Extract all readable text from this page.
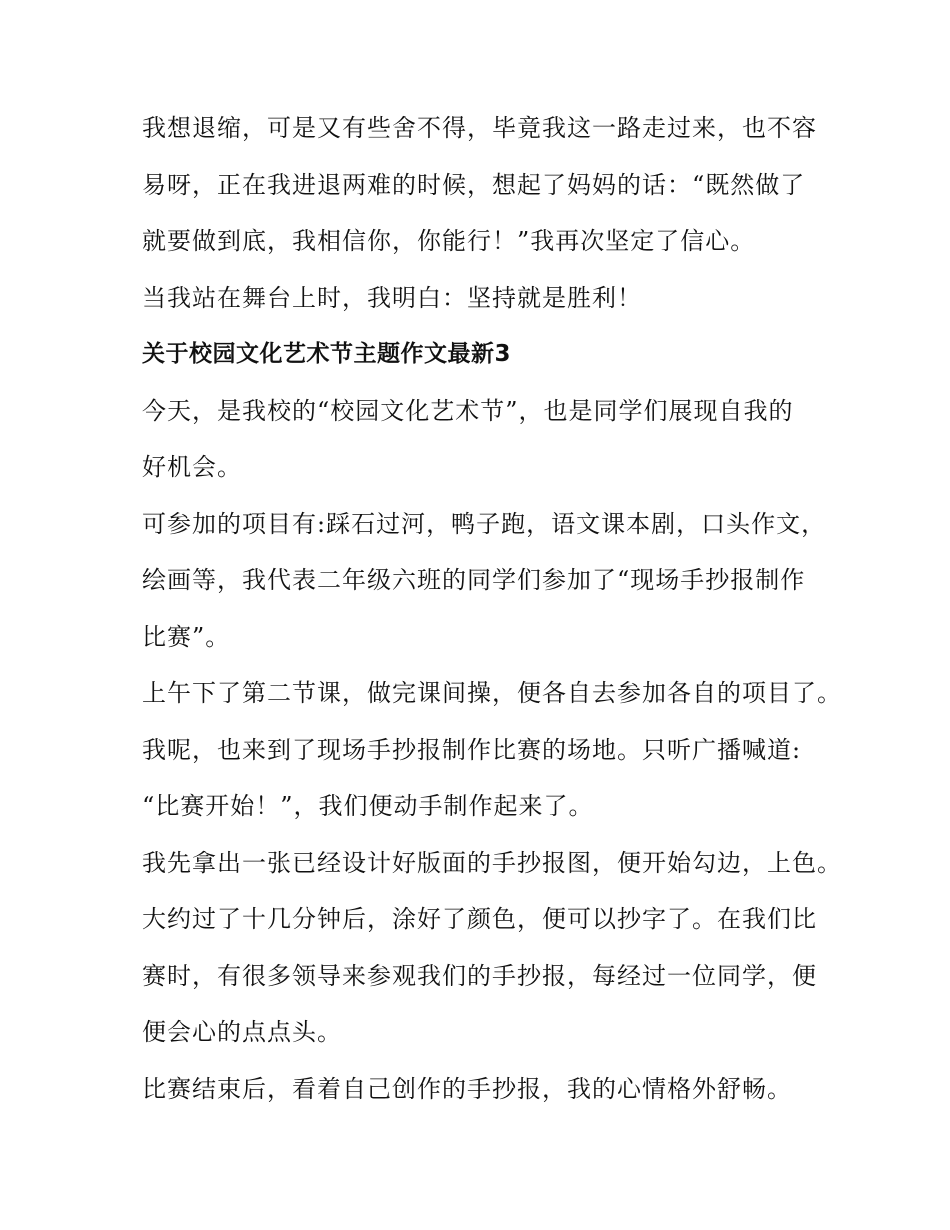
我想退缩，可是又有些舍不得，毕竟我这一路走过来，也不容
易呀，正在我进退两难的时候，想起了妈妈的话：“既然做了
就要做到底，我相信你，你能行！”我再次坚定了信心。
当我站在舞台上时，我明白：坚持就是胜利！
关于校园文化艺术节主题作文最新3
今天，是我校的“校园文化艺术节”，也是同学们展现自我的
好机会。
可参加的项目有:踩石过河，鸭子跑，语文课本剧，口头作文，
绘画等，我代表二年级六班的同学们参加了“现场手抄报制作
比赛”。
上午下了第二节课，做完课间操，便各自去参加各自的项目了。
我呢，也来到了现场手抄报制作比赛的场地。只听广播喊道:
“比赛开始！”，我们便动手制作起来了。
我先拿出一张已经设计好版面的手抄报图，便开始勾边，上色。
大约过了十几分钟后，涂好了颜色，便可以抄字了。在我们比
赛时，有很多领导来参观我们的手抄报，每经过一位同学，便
便会心的点点头。
比赛结束后，看着自己创作的手抄报，我的心情格外舒畅。
